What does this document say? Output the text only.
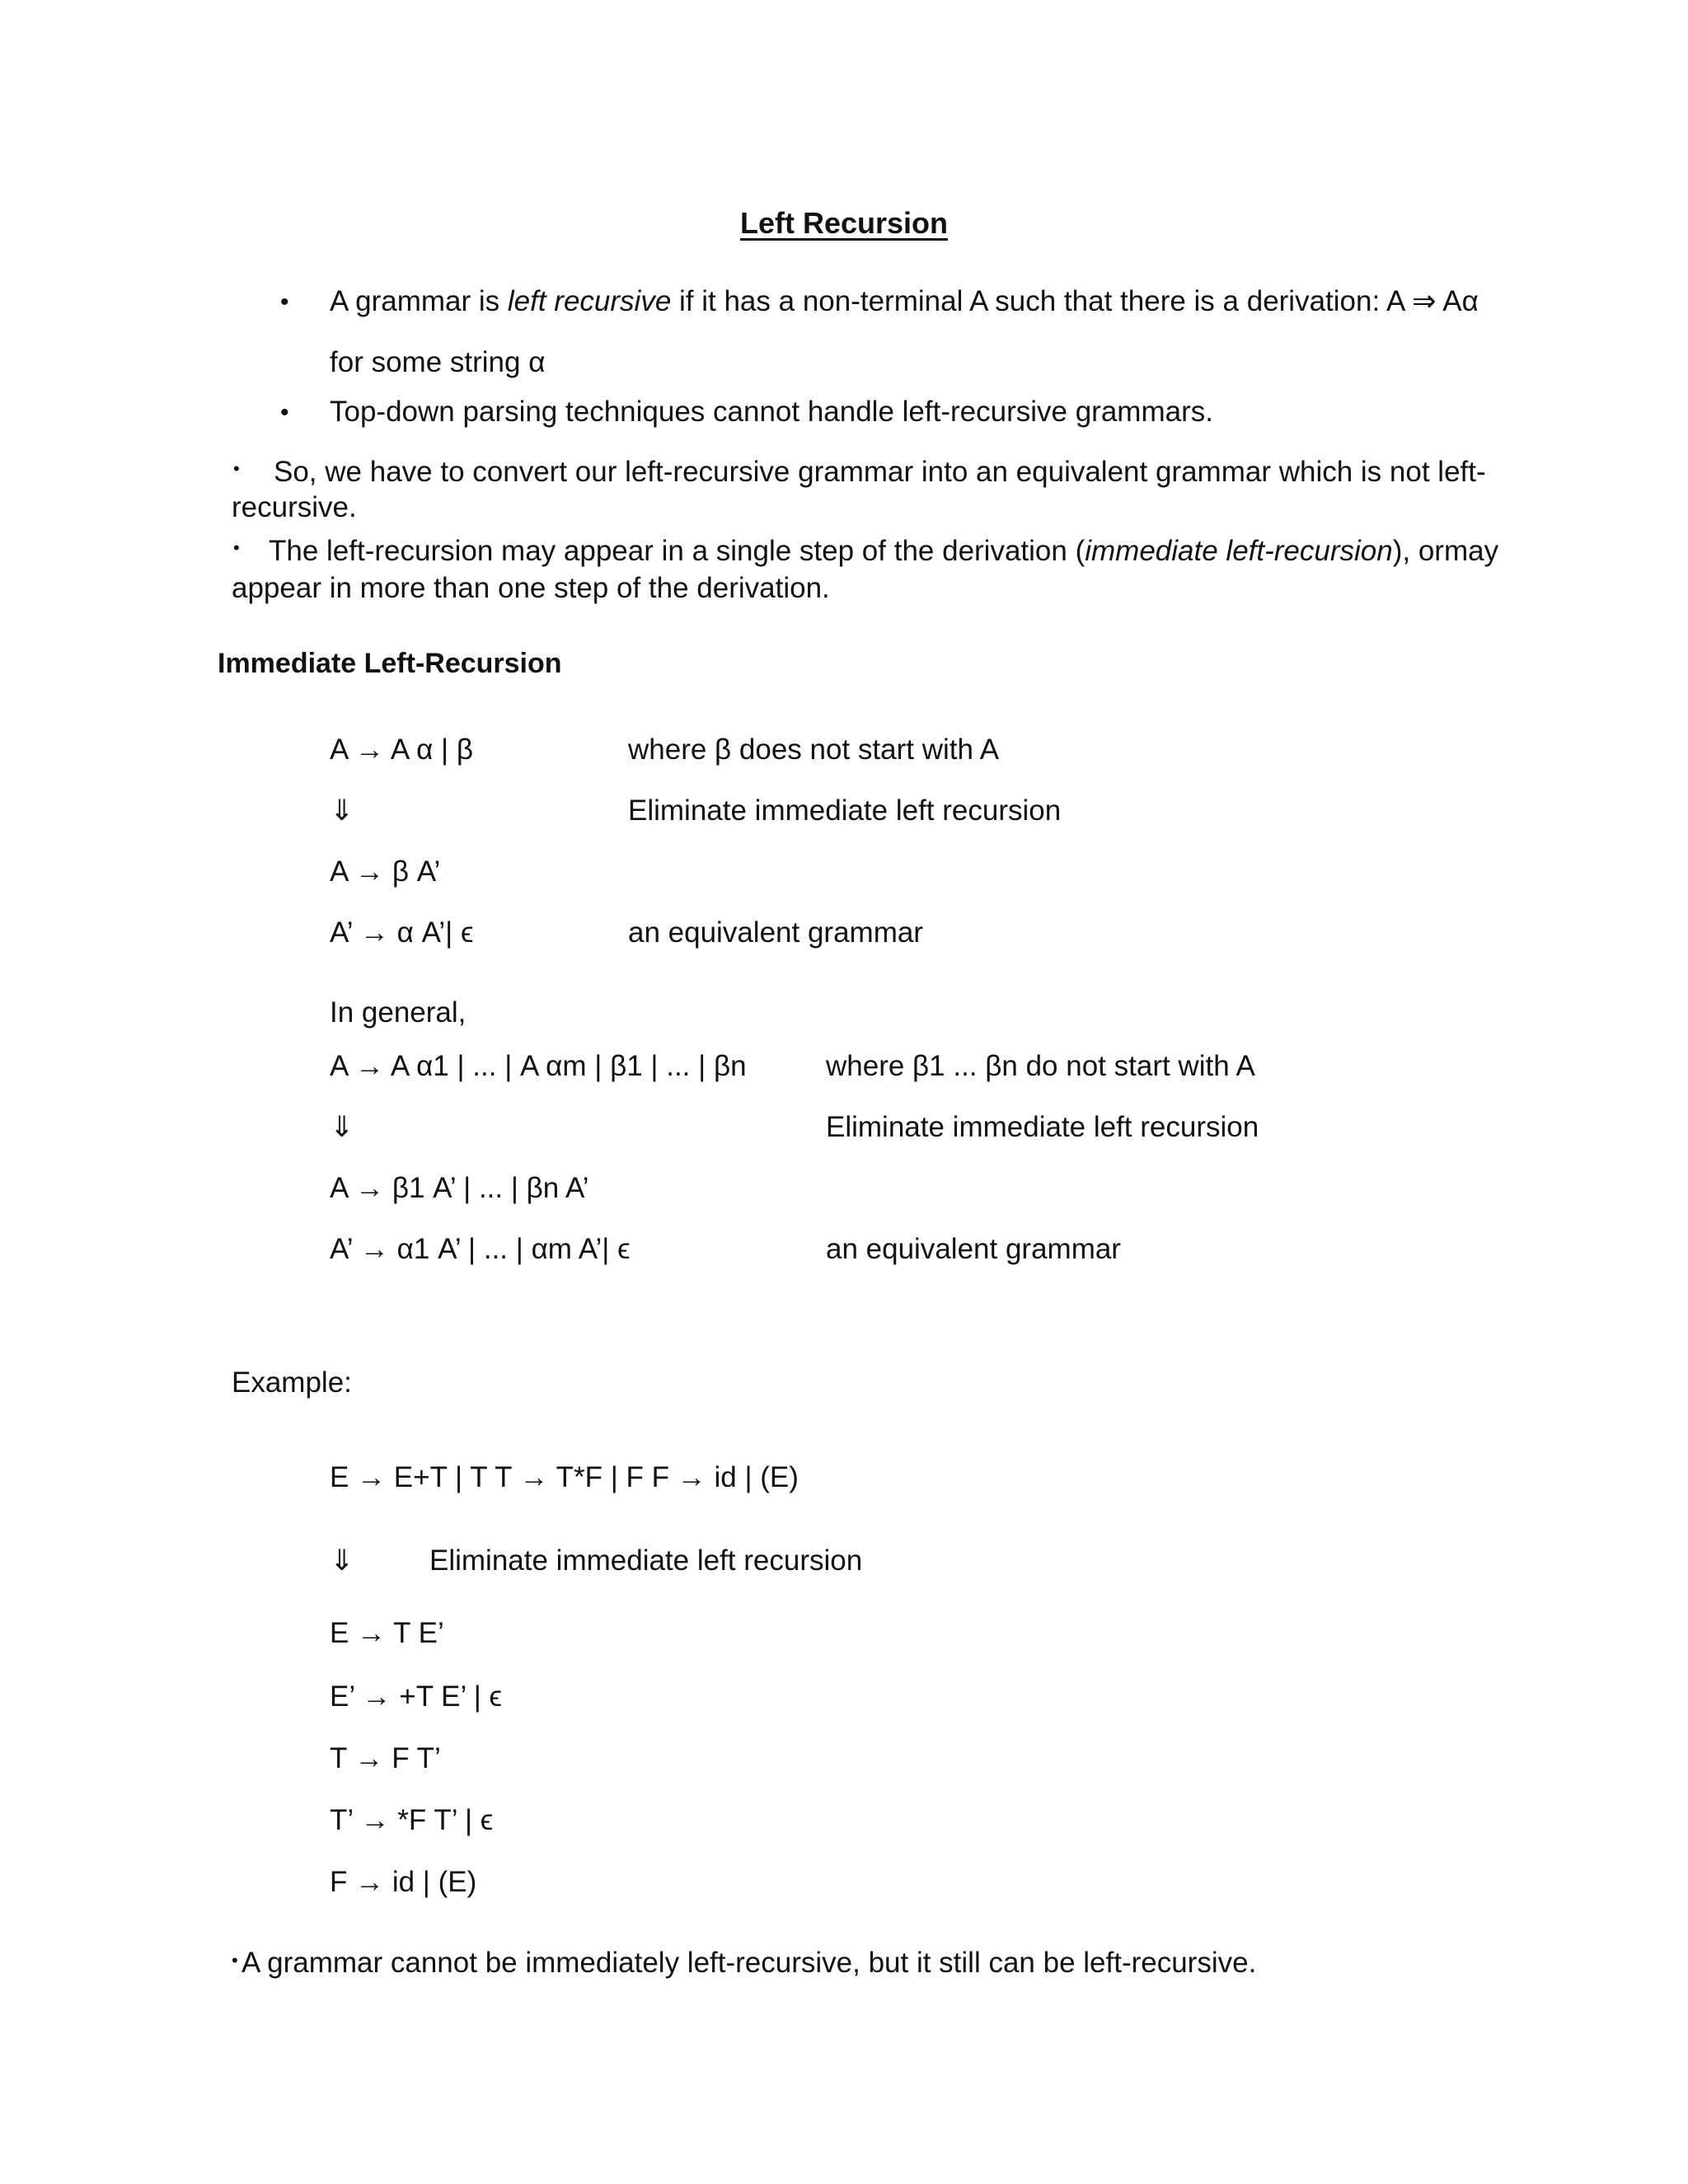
Left Recursion
• A grammar is left recursive if it has a non-terminal A such that there is a derivation: A ⇒ Aα
for some string α
• Top-down parsing techniques cannot handle left-recursive grammars.
• So, we have to convert our left-recursive grammar into an equivalent grammar which is not left-
recursive.
• The left-recursion may appear in a single step of the derivation (immediate left-recursion), ormay
appear in more than one step of the derivation.
Immediate Left-Recursion
A → A α | β	where β does not start with A
⇓	Eliminate immediate left recursion
A → β A’
A’ → α A’| ϵ	an equivalent grammar
In general,
A → A α1 | ... | A αm | β1 | ... | βn	where β1 ... βn do not start with A
⇓	Eliminate immediate left recursion
A → β1 A’ | ... | βn A’
A’ → α1 A’ | ... | αm A’| ϵ	an equivalent grammar
Example:
E → E+T | T T → T*F | F F → id | (E)
⇓	Eliminate immediate left recursion
E → T E’
E’ → +T E’ | ϵ
T → F T’
T’ → *F T’ | ϵ
F → id | (E)
• A grammar cannot be immediately left-recursive, but it still can be left-recursive.
